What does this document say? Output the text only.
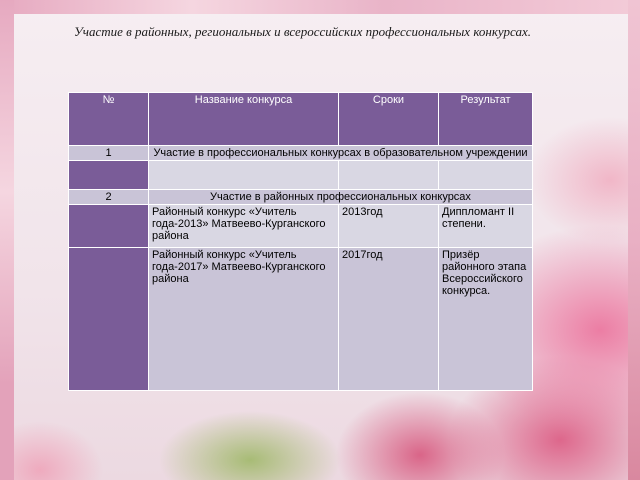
Участие в районных, региональных и всероссийских профессиональных конкурсах.
№	Название конкурса	Сроки	Результат
1	Участие в профессиональных конкурсах в образовательном учреждении		

2	Участие в районных профессиональных конкурсах		
	Районный конкурс «Учитель года-2013» Матвеево-Курганского района	2013год	Диппломант II степени.
	Районный конкурс «Учитель года-2017» Матвеево-Курганского района	2017год	Призёр районного этапа Всероссийского конкурса.
